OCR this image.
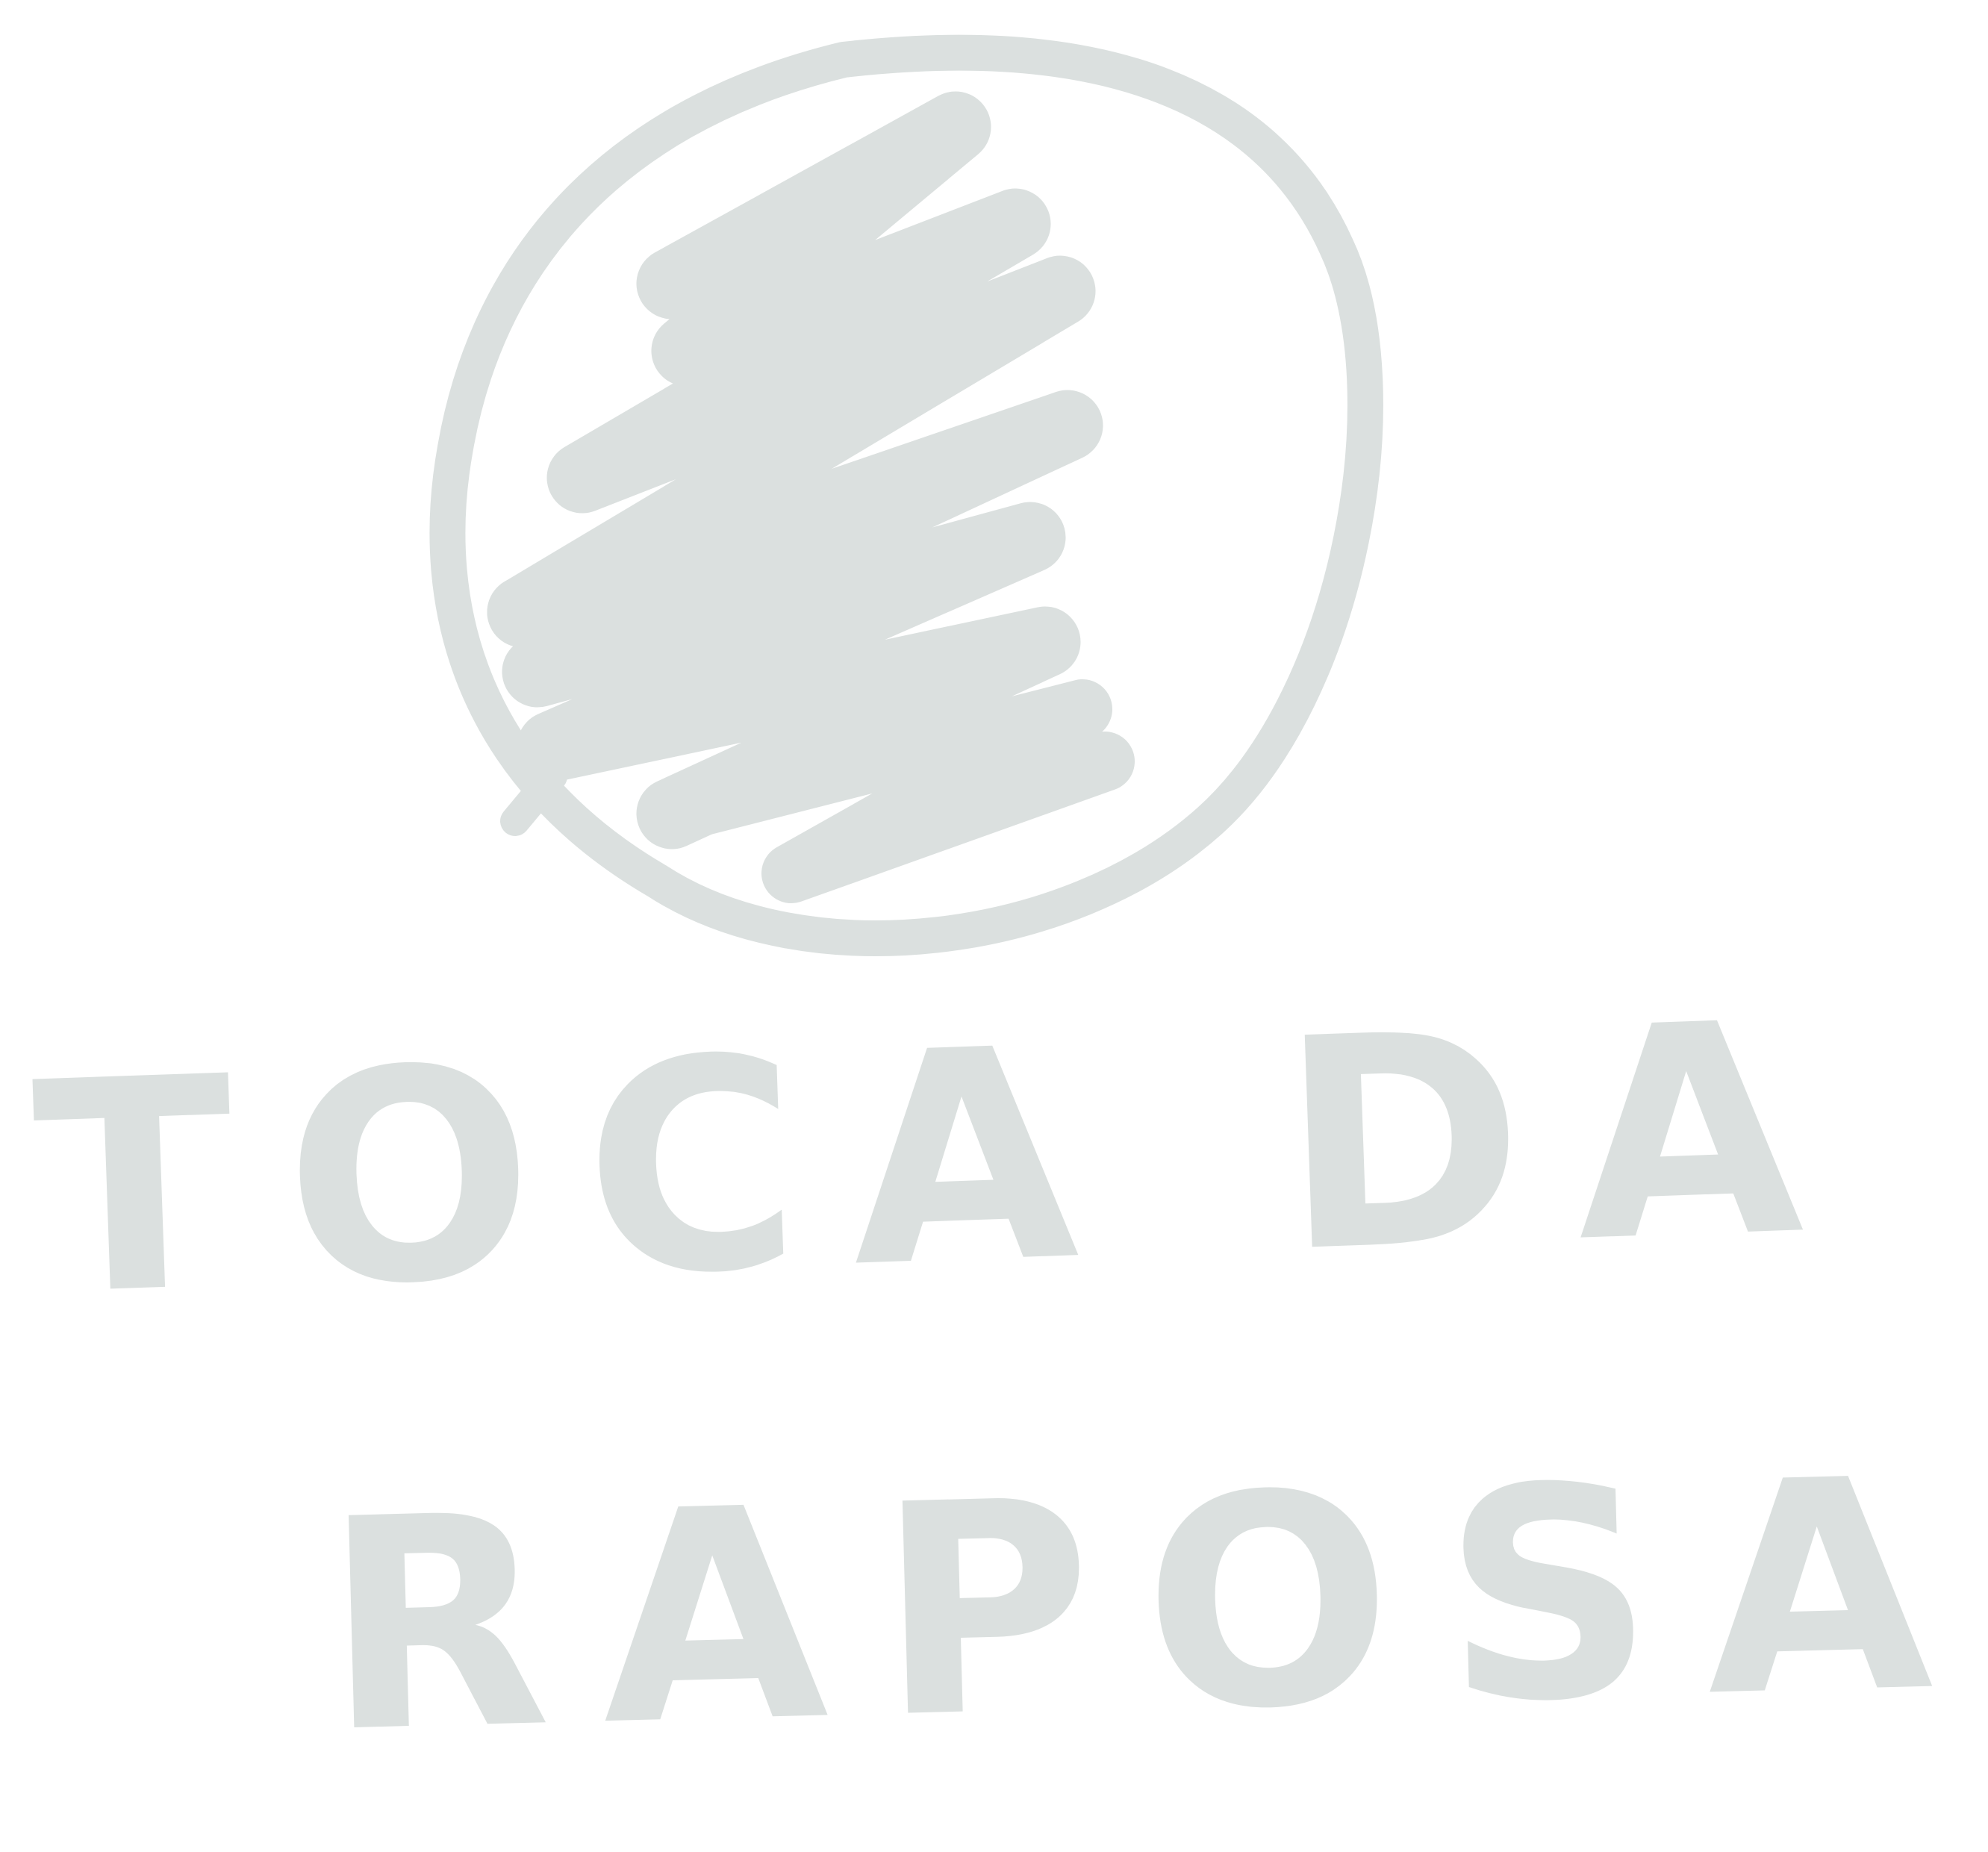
TOCA DA
RAPOSA
